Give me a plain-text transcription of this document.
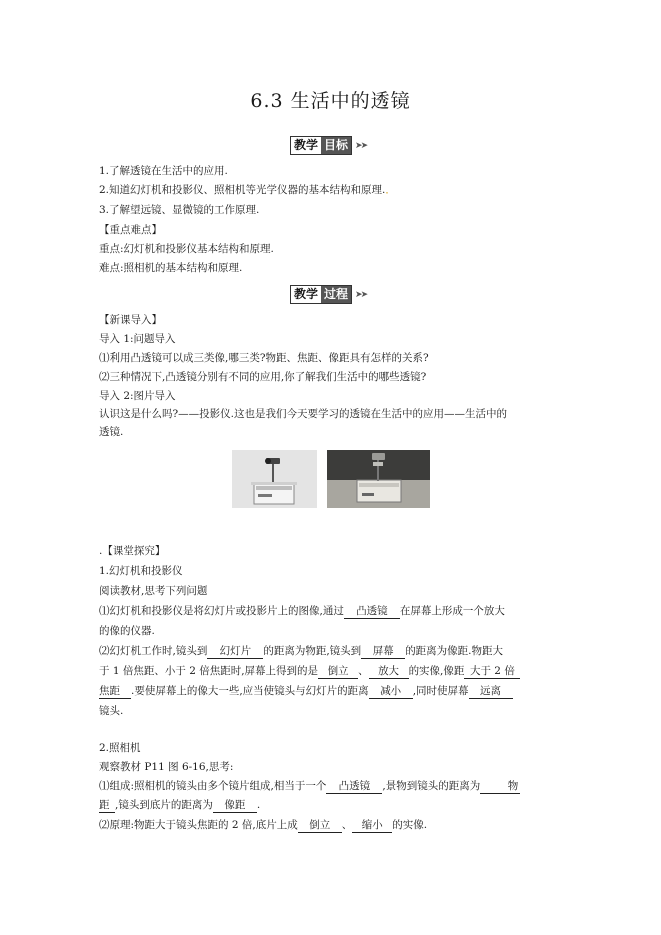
6.3 生活中的透镜
教学 目标 ➤➤
1.了解透镜在生活中的应用.
2.知道幻灯机和投影仪、照相机等光学仪器的基本结构和原理.．
3.了解望远镜、显微镜的工作原理.
【重点难点】
重点:幻灯机和投影仪基本结构和原理.
难点:照相机的基本结构和原理.
教学 过程 ➤➤
【新课导入】
导入 1:问题导入
⑴利用凸透镜可以成三类像,哪三类?物距、焦距、像距具有怎样的关系?
⑵三种情况下,凸透镜分别有不同的应用,你了解我们生活中的哪些透镜?
导入 2:图片导入
认识这是什么吗?——投影仪.这也是我们今天要学习的透镜在生活中的应用——生活中的
透镜.
.【课堂探究】
1.幻灯机和投影仪
阅读教材,思考下列问题
⑴幻灯机和投影仪是将幻灯片或投影片上的图像,通过 凸透镜 在屏幕上形成一个放大
的像的仪器.
⑵幻灯机工作时,镜头到 幻灯片 的距离为物距,镜头到 屏幕 的距离为像距.物距大
于 1 倍焦距、小于 2 倍焦距时,屏幕上得到的是 倒立 、 放大 的实像,像距 大于 2 倍
焦距 .要使屏幕上的像大一些,应当使镜头与幻灯片的距离 减小 ,同时使屏幕 远离
镜头.
2.照相机
观察教材 P11 图 6-16,思考:
⑴组成:照相机的镜头由多个镜片组成,相当于一个 凸透镜 ,景物到镜头的距离为	物
距 ,镜头到底片的距离为 像距 .
⑵原理:物距大于镜头焦距的 2 倍,底片上成 倒立 、 缩小 的实像.
